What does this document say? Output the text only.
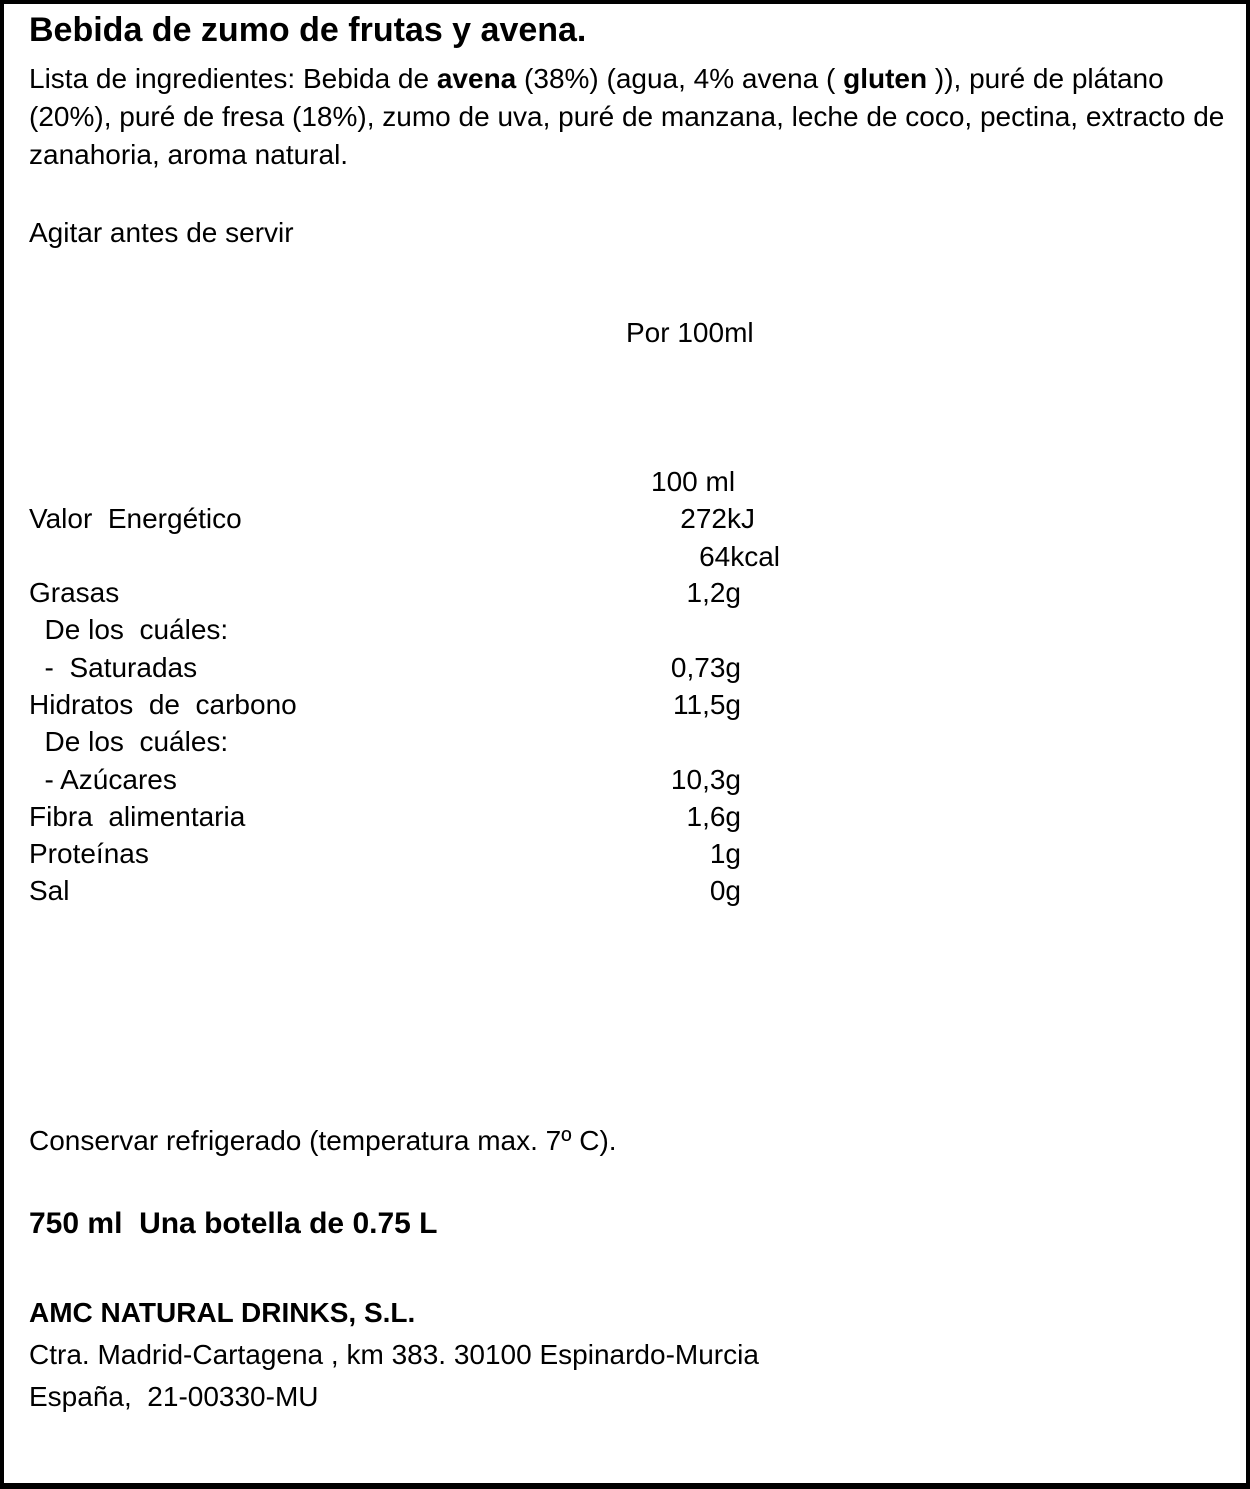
Bebida de zumo de frutas y avena.
Lista de ingredientes: Bebida de avena (38%) (agua, 4% avena ( gluten )), puré de plátano (20%), puré de fresa (18%), zumo de uva, puré de manzana, leche de coco, pectina, extracto de zanahoria, aroma natural.
Agitar antes de servir
Por 100ml
100 ml
Valor  Energético	272kJ
64kcal
Grasas	1,2g
De los  cuáles:
-  Saturadas	0,73g
Hidratos  de  carbono	11,5g
De los  cuáles:
- Azúcares	10,3g
Fibra  alimentaria	1,6g
Proteínas	1g
Sal	0g
Conservar refrigerado (temperatura max. 7º C).
750 ml  Una botella de 0.75 L
AMC NATURAL DRINKS, S.L.
Ctra. Madrid-Cartagena , km 383. 30100 Espinardo-Murcia
España,  21-00330-MU
